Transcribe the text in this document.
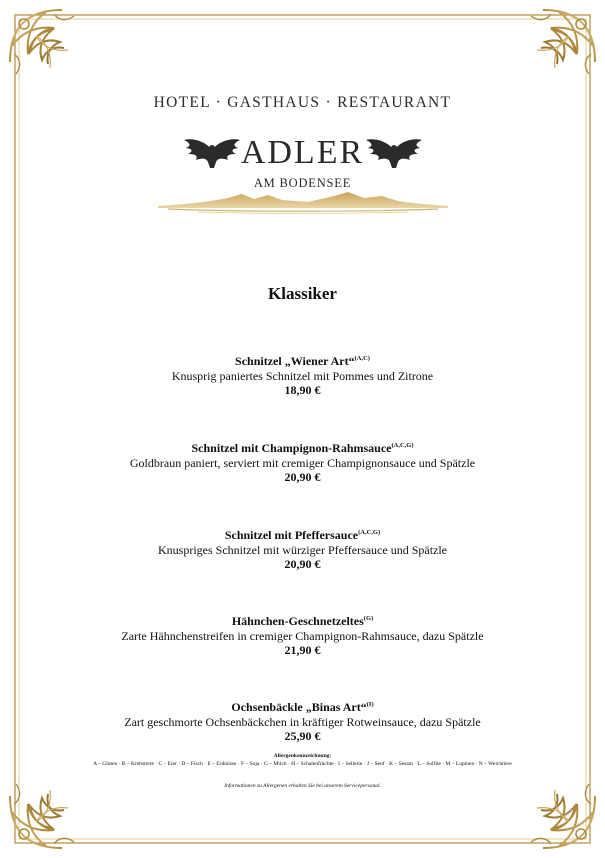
HOTEL · GASTHAUS · RESTAURANT
ADLER
AM BODENSEE
Klassiker
Schnitzel „Wiener Art“$^{(A,C)}$
Knusprig paniertes Schnitzel mit Pommes und Zitrone
18,90 €
Schnitzel mit Champignon-Rahmsauce$^{(A,C,G)}$
Goldbraun paniert, serviert mit cremiger Champignonsauce und Spätzle
20,90 €
Schnitzel mit Pfeffersauce$^{(A,C,G)}$
Knuspriges Schnitzel mit würziger Pfeffersauce und Spätzle
20,90 €
Hähnchen-Geschnetzeltes$^{(G)}$
Zarte Hähnchenstreifen in cremiger Champignon-Rahmsauce, dazu Spätzle
21,90 €
Ochsenbäckle „Binas Art“$^{(I)}$
Zart geschmorte Ochsenbäckchen in kräftiger Rotweinsauce, dazu Spätzle
25,90 €
Allergenkennzeichnung:
A – Gluten · B – Krebstiere · C – Eier · D – Fisch · E – Erdnüsse · F – Soja · G – Milch · H – Schalenfrüchte · I – Sellerie · J – Senf · K – Sesam · L – Sulfite · M – Lupinen · N – Weichtiere
Informationen zu Allergenen erhalten Sie bei unserem Servicepersonal.
